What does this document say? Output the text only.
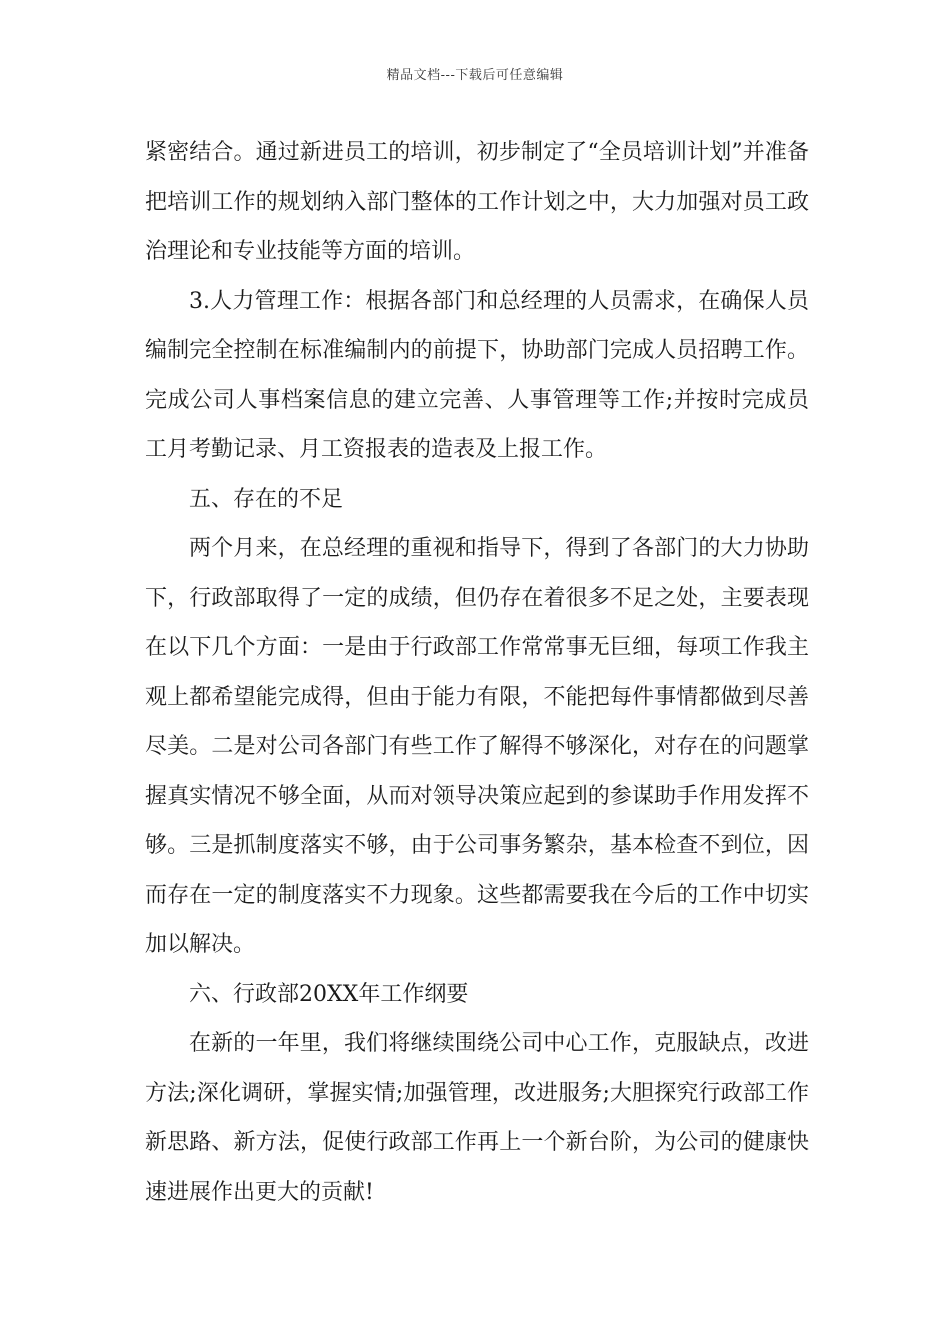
精品文档---下载后可任意编辑

紧密结合。通过新进员工的培训，初步制定了“全员培训计划”并准备把培训工作的规划纳入部门整体的工作计划之中，大力加强对员工政治理论和专业技能等方面的培训。

3.人力管理工作：根据各部门和总经理的人员需求，在确保人员编制完全控制在标准编制内的前提下，协助部门完成人员招聘工作。完成公司人事档案信息的建立完善、人事管理等工作;并按时完成员工月考勤记录、月工资报表的造表及上报工作。

五、存在的不足

两个月来，在总经理的重视和指导下，得到了各部门的大力协助下，行政部取得了一定的成绩，但仍存在着很多不足之处，主要表现在以下几个方面：一是由于行政部工作常常事无巨细，每项工作我主观上都希望能完成得，但由于能力有限，不能把每件事情都做到尽善尽美。二是对公司各部门有些工作了解得不够深化，对存在的问题掌握真实情况不够全面，从而对领导决策应起到的参谋助手作用发挥不够。三是抓制度落实不够，由于公司事务繁杂，基本检查不到位，因而存在一定的制度落实不力现象。这些都需要我在今后的工作中切实加以解决。

六、行政部20XX年工作纲要

在新的一年里，我们将继续围绕公司中心工作，克服缺点，改进方法;深化调研，掌握实情;加强管理，改进服务;大胆探究行政部工作新思路、新方法，促使行政部工作再上一个新台阶，为公司的健康快速进展作出更大的贡献!
